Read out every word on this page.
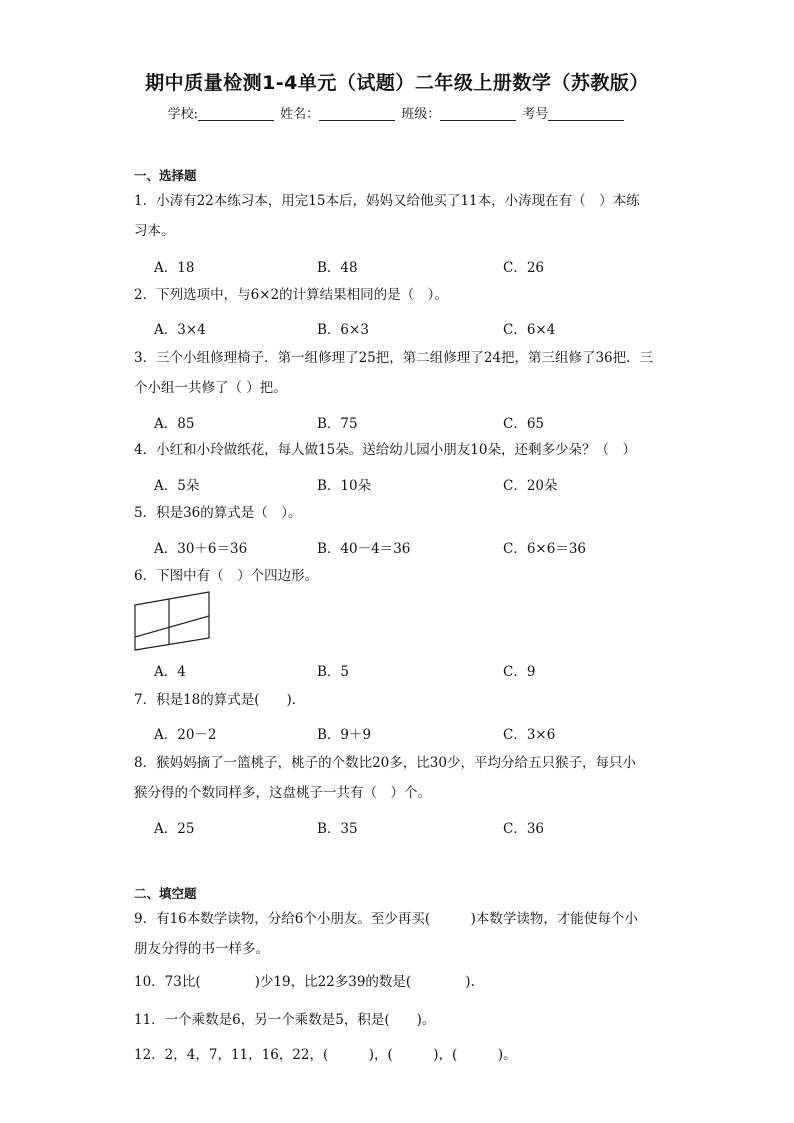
期中质量检测1-4单元（试题）二年级上册数学（苏教版）
学校:	姓名：	班级：	考号
一、选择题
1．小涛有22本练习本，用完15本后，妈妈又给他买了11本，小涛现在有（　）本练
习本。
A．18	B．48	C．26
2．下列选项中，与6×2的计算结果相同的是（　）。
A．3×4	B．6×3	C．6×4
3．三个小组修理椅子．第一组修理了25把，第二组修理了24把，第三组修了36把．三
个小组一共修了（ ）把。
A．85	B．75	C．65
4．小红和小玲做纸花，每人做15朵。送给幼儿园小朋友10朵，还剩多少朵？（　）
A．5朵	B．10朵	C．20朵
5．积是36的算式是（　）。
A．30＋6＝36	B．40－4＝36	C．6×6＝36
6．下图中有（　）个四边形。
A．4	B．5	C．9
7．积是18的算式是(　　)．
A．20－2	B．9＋9	C．3×6
8．猴妈妈摘了一篮桃子，桃子的个数比20多，比30少，平均分给五只猴子，每只小
猴分得的个数同样多，这盘桃子一共有（　）个。
A．25	B．35	C．36
二、填空题
9．有16本数学读物，分给6个小朋友。至少再买(　　　)本数学读物，才能使每个小
朋友分得的书一样多。
10．73比(　　　　)少19，比22多39的数是(　　　　).
11．一个乘数是6，另一个乘数是5，积是(　　)。
12．2，4，7，11，16，22，(　　　)，(　　　)，(　　　)。
